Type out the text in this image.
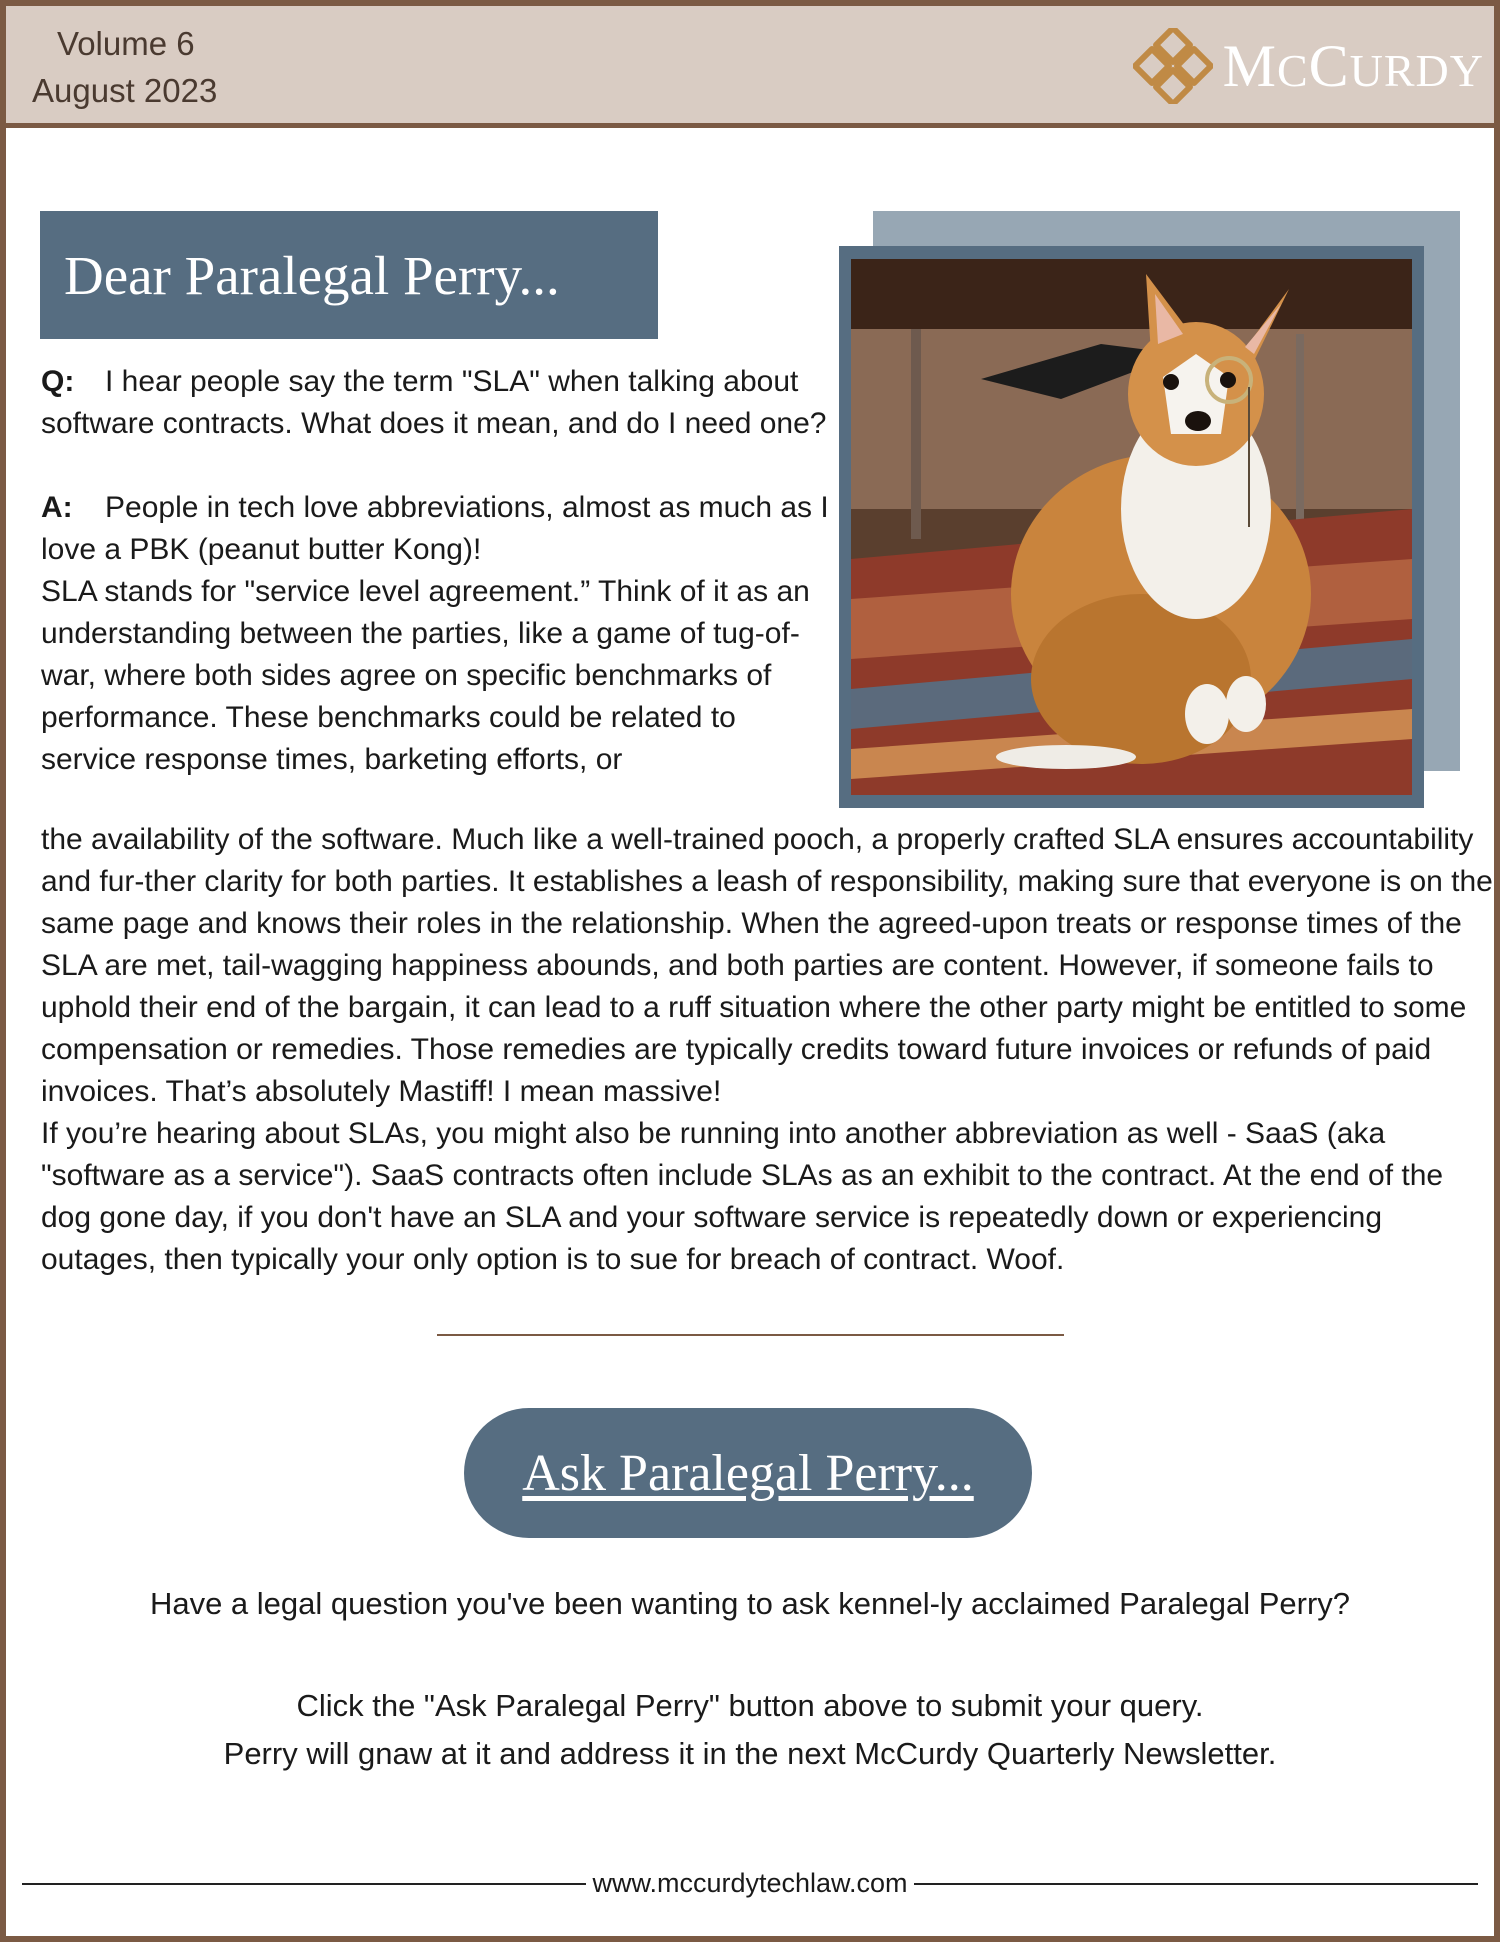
Volume 6
August 2023	MCCURDY
Dear Paralegal Perry...

Q: I hear people say the term "SLA" when talking about software contracts. What does it mean, and do I need one?

A: People in tech love abbreviations, almost as much as I love a PBK (peanut butter Kong)!

SLA stands for "service level agreement.” Think of it as an understanding between the parties, like a game of tug-of-war, where both sides agree on specific benchmarks of performance. These benchmarks could be related to service response times, barketing efforts, or

the availability of the software. Much like a well-trained pooch, a properly crafted SLA ensures accountability and fur-ther clarity for both parties. It establishes a leash of responsibility, making sure that everyone is on the same page and knows their roles in the relationship. When the agreed-upon treats or response times of the SLA are met, tail-wagging happiness abounds, and both parties are content. However, if someone fails to uphold their end of the bargain, it can lead to a ruff situation where the other party might be entitled to some compensation or remedies. Those remedies are typically credits toward future invoices or refunds of paid invoices. That’s absolutely Mastiff! I mean massive!

If you’re hearing about SLAs, you might also be running into another abbreviation as well - SaaS (aka "software as a service"). SaaS contracts often include SLAs as an exhibit to the contract. At the end of the dog gone day, if you don't have an SLA and your software service is repeatedly down or experiencing outages, then typically your only option is to sue for breach of contract. Woof.

Ask Paralegal Perry...
Have a legal question you've been wanting to ask kennel-ly acclaimed Paralegal Perry?
Click the "Ask Paralegal Perry" button above to submit your query.
Perry will gnaw at it and address it in the next McCurdy Quarterly Newsletter.
www.mccurdytechlaw.com
